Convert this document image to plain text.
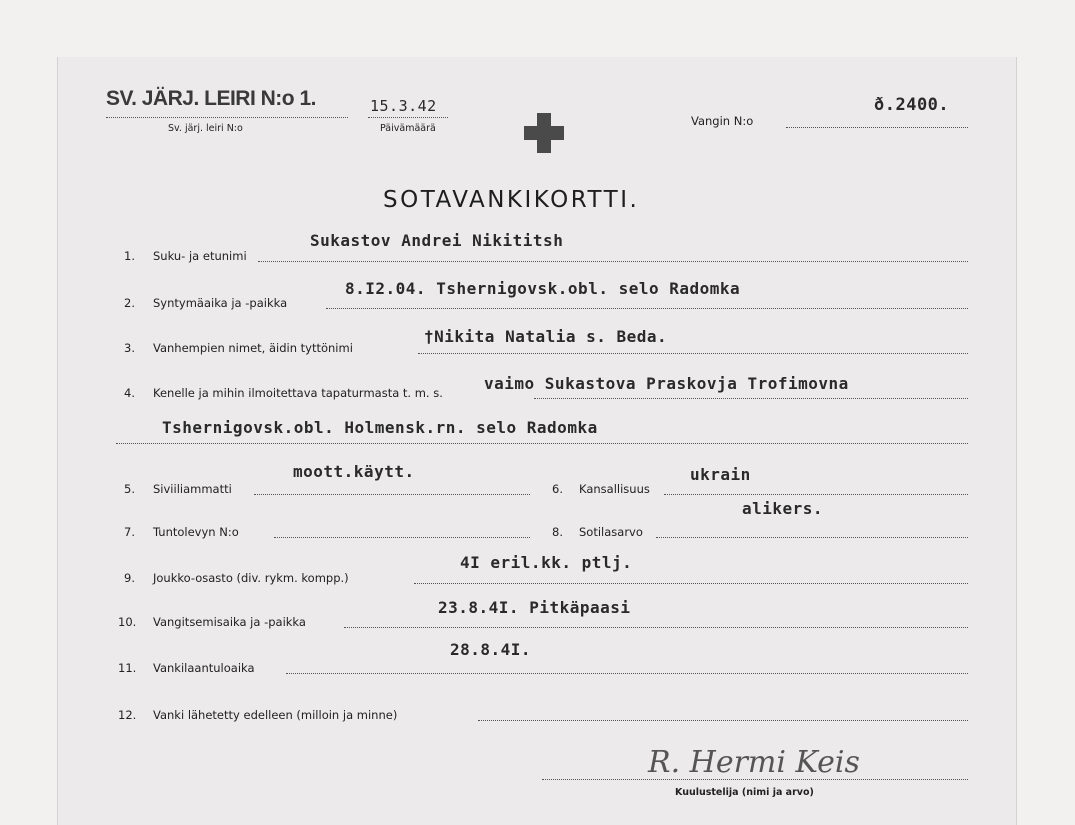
SV. JÄRJ. LEIRI N:o 1.
Sv. järj. leiri N:o
15.3.42
Päivämäärä
Vangin N:o
ð.2400.
SOTAVANKIKORTTI.
1. Suku- ja etunimi
Sukastov Andrei Nikititsh
2. Syntymäaika ja -paikka
8.I2.04. Tshernigovsk.obl. selo Radomka
3. Vanhempien nimet, äidin tyttönimi
†Nikita Natalia s. Beda.
4. Kenelle ja mihin ilmoitettava tapaturmasta t. m. s.	vaimo Sukastova Praskovja Trofimovna
Tshernigovsk.obl. Holmensk.rn. selo Radomka
5. Siviiliammatti
moott.käytt.
6. Kansallisuus
ukrain
7. Tuntolevyn N:o	8. Sotilasarvo
alikers.
9. Joukko-osasto (div. rykm. kompp.)
4I eril.kk. ptlj.
10. Vangitsemisaika ja -paikka
23.8.4I. Pitkäpaasi
11. Vankilaantuloaika
28.8.4I.
12. Vanki lähetetty edelleen (milloin ja minne)
R. Hermi Keis
Kuulustelija (nimi ja arvo)
